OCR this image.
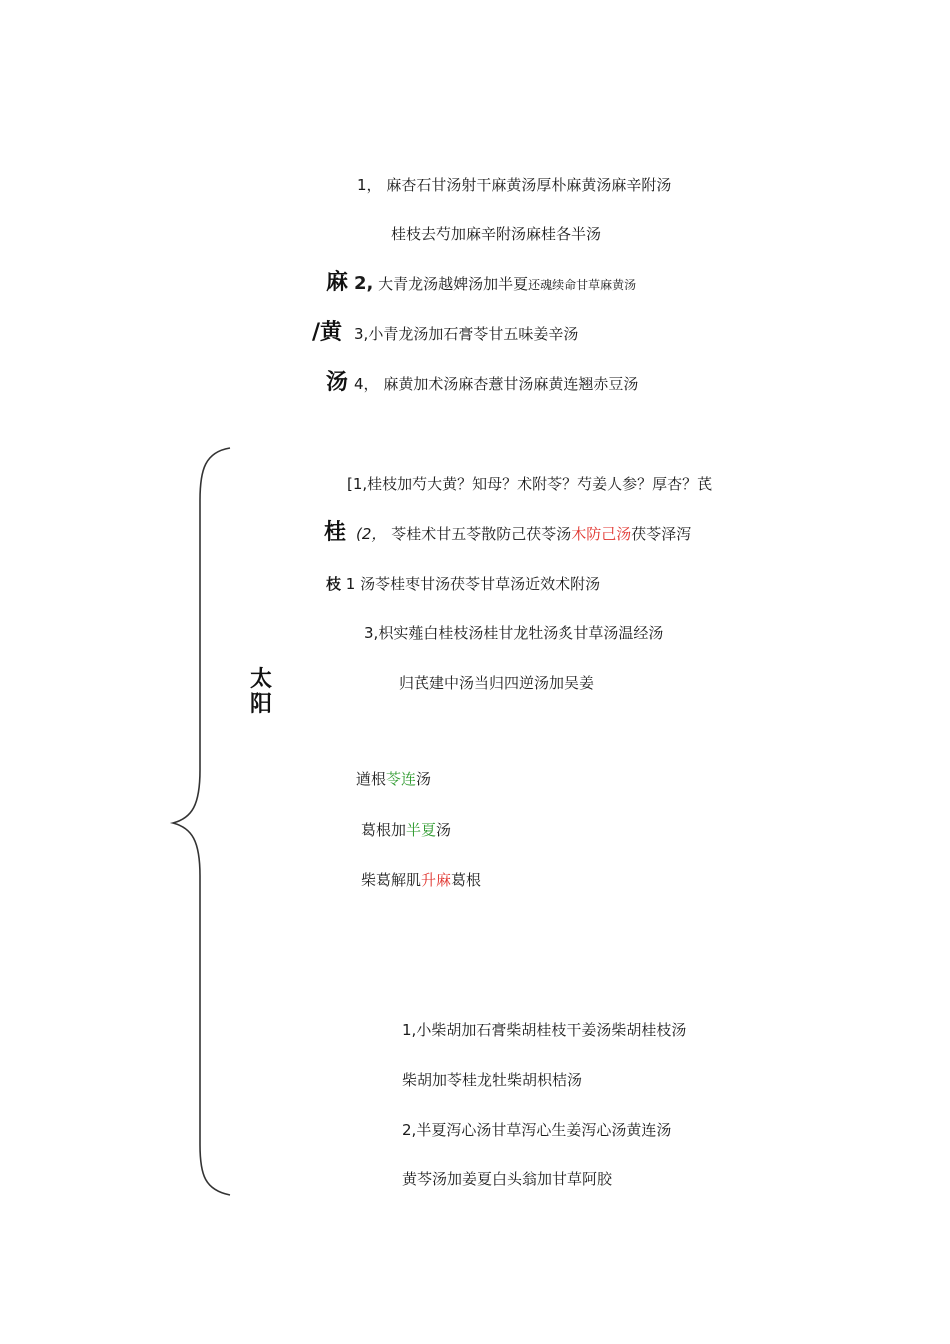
1， 麻杏石甘汤射干麻黄汤厚朴麻黄汤麻辛附汤
桂枝去芍加麻辛附汤麻桂各半汤
麻 2, 大青龙汤越婢汤加半夏还魂续命甘草麻黄汤
/黄 3,小青龙汤加石膏苓甘五味姜辛汤
汤 4， 麻黄加术汤麻杏薏甘汤麻黄连翘赤豆汤
[1,桂枝加芍大黄？知母？术附苓？芍姜人参？厚杏？芪
桂 (2， 苓桂术甘五苓散防己茯苓汤木防己汤茯苓泽泻
枝 1 汤苓桂枣甘汤茯苓甘草汤近效术附汤
3,枳实薤白桂枝汤桂甘龙牡汤炙甘草汤温经汤
归芪建中汤当归四逆汤加吴姜
太
阳
遒根苓连汤
葛根加半夏汤
柴葛解肌升麻葛根
1,小柴胡加石膏柴胡桂枝干姜汤柴胡桂枝汤
柴胡加苓桂龙牡柴胡枳桔汤
2,半夏泻心汤甘草泻心生姜泻心汤黄连汤
黄芩汤加姜夏白头翁加甘草阿胶
